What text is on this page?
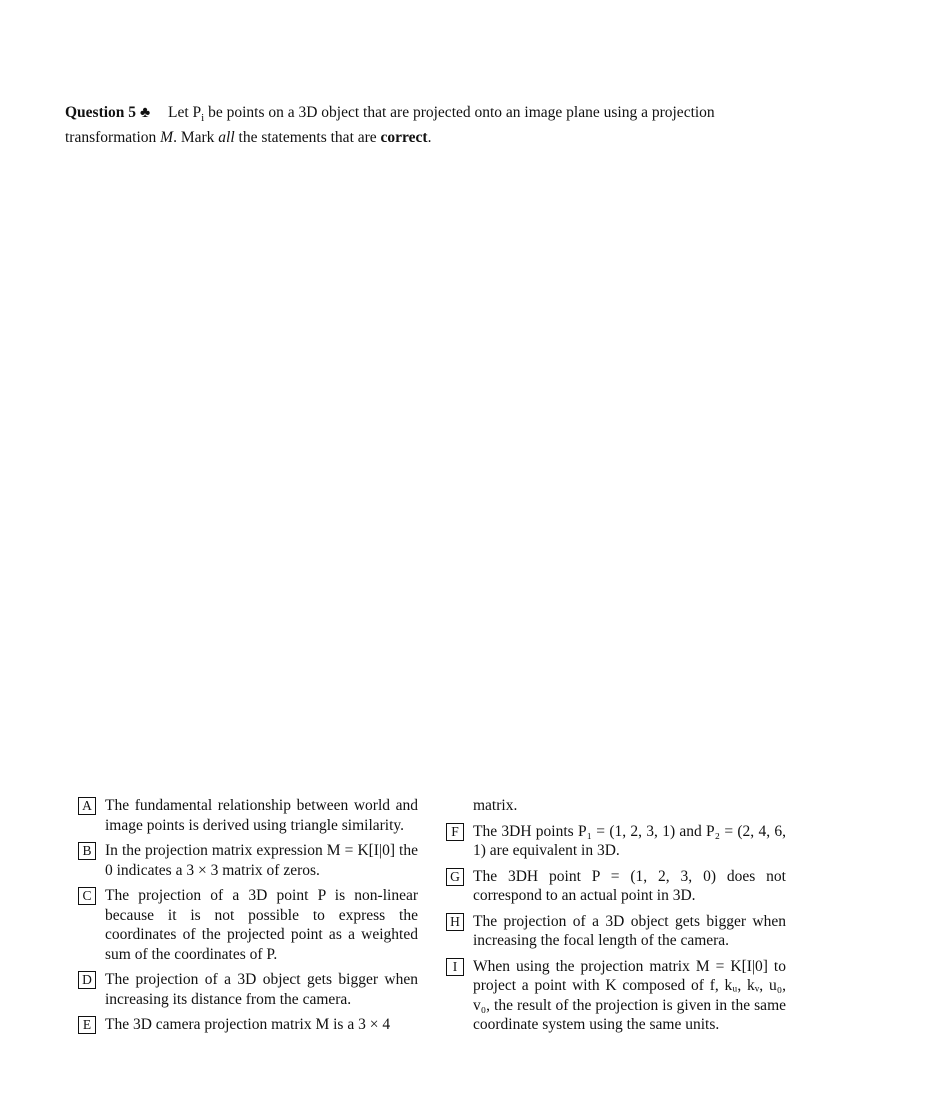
Question 5 ♣ Let $P_i$ be points on a 3D object that are projected onto an image plane using a projection transformation M. Mark all the statements that are correct.
A The fundamental relationship between world and image points is derived using triangle similarity.
B In the projection matrix expression M = K[I|0] the 0 indicates a 3 × 3 matrix of zeros.
C The projection of a 3D point P is non-linear because it is not possible to express the coordinates of the projected point as a weighted sum of the coordinates of P.
D The projection of a 3D object gets bigger when increasing its distance from the camera.
E The 3D camera projection matrix M is a 3 × 4
matrix.
F The 3DH points P₁ = (1, 2, 3, 1) and P₂ = (2, 4, 6, 1) are equivalent in 3D.
G The 3DH point P = (1, 2, 3, 0) does not correspond to an actual point in 3D.
H The projection of a 3D object gets bigger when increasing the focal length of the camera.
I	When using the projection matrix M = K[I|0] to project a point with K composed of f, kᵤ, kᵥ, u₀, v₀, the result of the projection is given in the same coordinate system using the same units.
